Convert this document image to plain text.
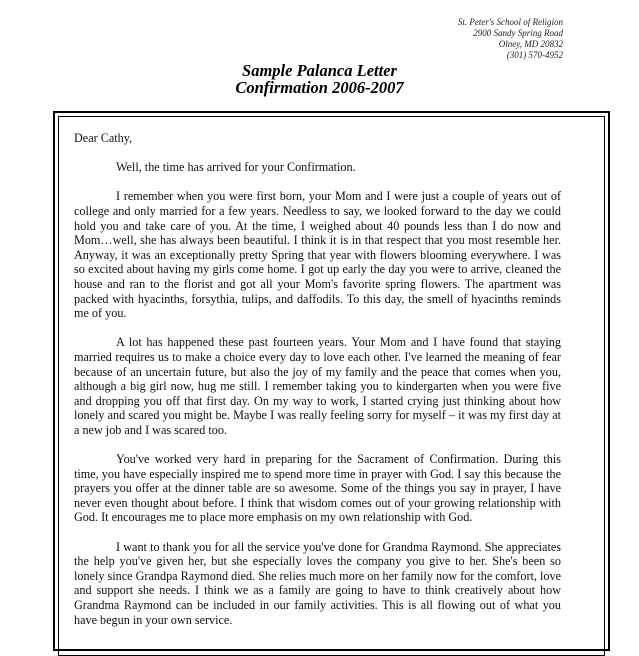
St. Peter's School of Religion
2900 Sandy Spring Road
Olney, MD 20832
(301) 570-4952
Sample Palanca Letter
Confirmation 2006-2007
Dear Cathy,

Well, the time has arrived for your Confirmation.

I remember when you were first born, your Mom and I were just a couple of years out of college and only married for a few years. Needless to say, we looked forward to the day we could hold you and take care of you. At the time, I weighed about 40 pounds less than I do now and Mom…well, she has always been beautiful. I think it is in that respect that you most resemble her. Anyway, it was an exceptionally pretty Spring that year with flowers blooming everywhere. I was so excited about having my girls come home. I got up early the day you were to arrive, cleaned the house and ran to the florist and got all your Mom's favorite spring flowers. The apartment was packed with hyacinths, forsythia, tulips, and daffodils. To this day, the smell of hyacinths reminds me of you.

A lot has happened these past fourteen years. Your Mom and I have found that staying married requires us to make a choice every day to love each other. I've learned the meaning of fear because of an uncertain future, but also the joy of my family and the peace that comes when you, although a big girl now, hug me still. I remember taking you to kindergarten when you were five and dropping you off that first day. On my way to work, I started crying just thinking about how lonely and scared you might be. Maybe I was really feeling sorry for myself – it was my first day at a new job and I was scared too.

You've worked very hard in preparing for the Sacrament of Confirmation. During this time, you have especially inspired me to spend more time in prayer with God. I say this because the prayers you offer at the dinner table are so awesome. Some of the things you say in prayer, I have never even thought about before. I think that wisdom comes out of your growing relationship with God. It encourages me to place more emphasis on my own relationship with God.

I want to thank you for all the service you've done for Grandma Raymond. She appreciates the help you've given her, but she especially loves the company you give to her. She's been so lonely since Grandpa Raymond died. She relies much more on her family now for the comfort, love and support she needs. I think we as a family are going to have to think creatively about how Grandma Raymond can be included in our family activities. This is all flowing out of what you have begun in your own service.
